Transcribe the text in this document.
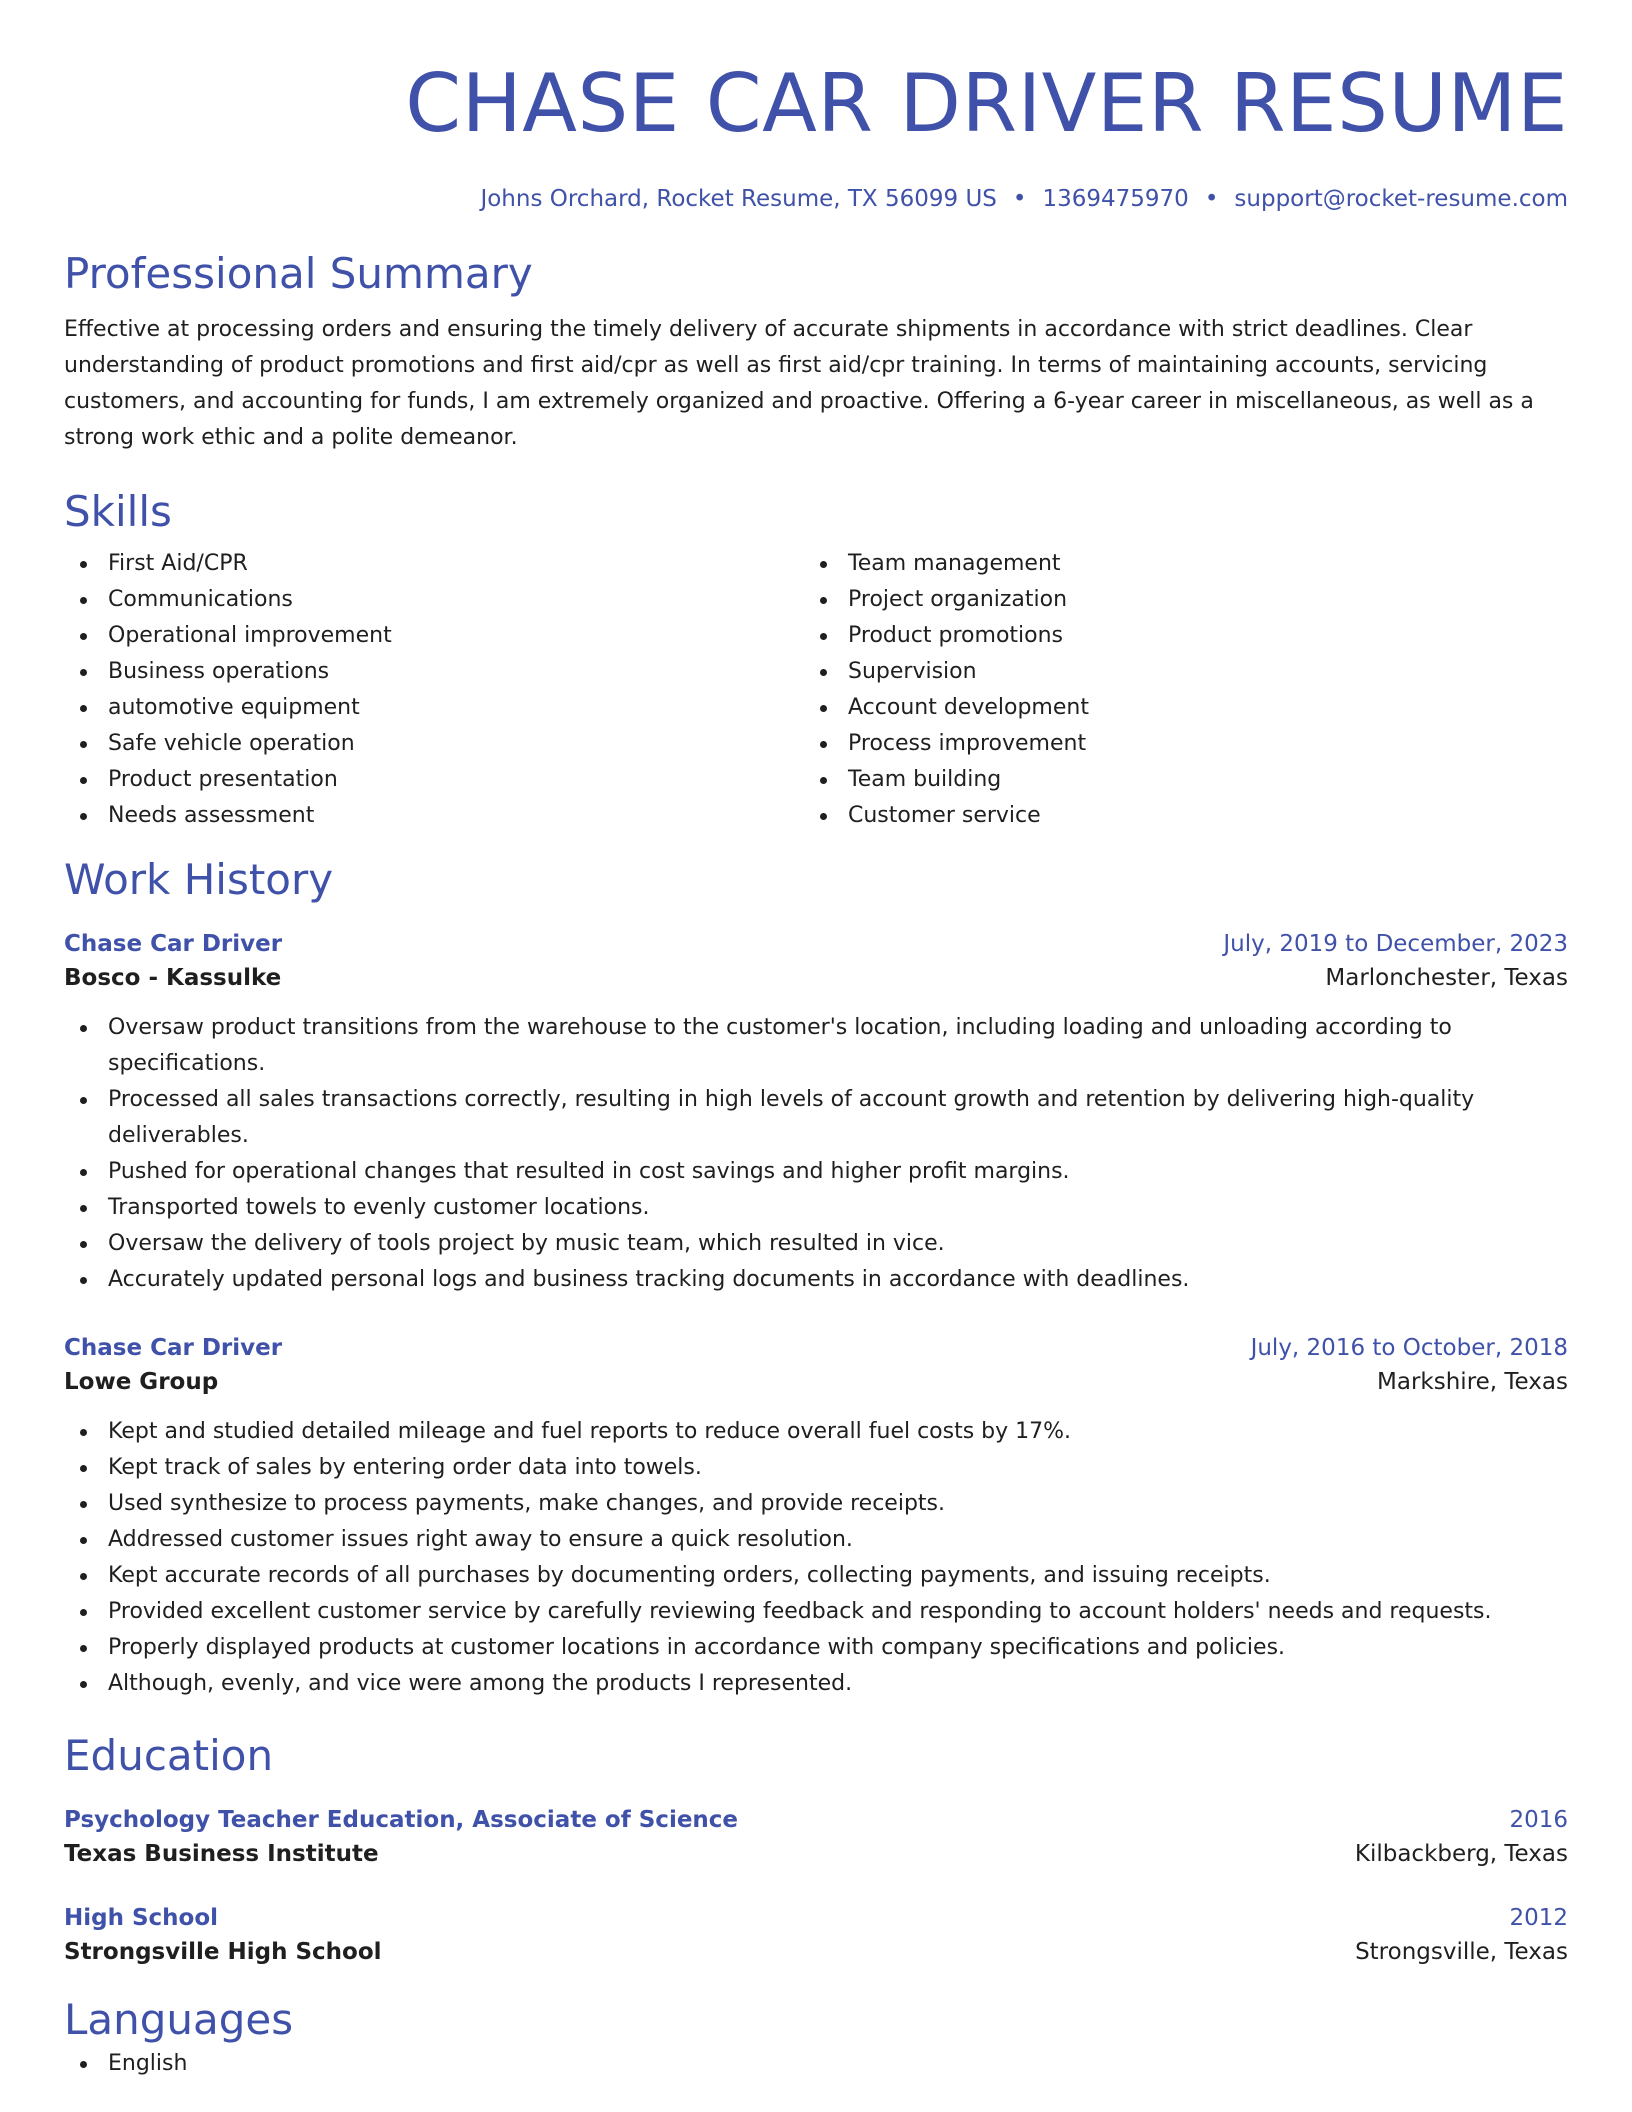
CHASE CAR DRIVER RESUME
Johns Orchard, Rocket Resume, TX 56099 US • 1369475970 • support@rocket-resume.com
Professional Summary

Effective at processing orders and ensuring the timely delivery of accurate shipments in accordance with strict deadlines. Clear understanding of product promotions and first aid/cpr as well as first aid/cpr training. In terms of maintaining accounts, servicing customers, and accounting for funds, I am extremely organized and proactive. Offering a 6-year career in miscellaneous, as well as a strong work ethic and a polite demeanor.

Skills
First Aid/CPR
Communications
Operational improvement
Business operations
automotive equipment
Safe vehicle operation
Product presentation
Needs assessment
Team management
Project organization
Product promotions
Supervision
Account development
Process improvement
Team building
Customer service
Work History
Chase Car Driver	July, 2019 to December, 2023
Bosco - Kassulke	Marlonchester, Texas
Oversaw product transitions from the warehouse to the customer's location, including loading and unloading according to specifications.
Processed all sales transactions correctly, resulting in high levels of account growth and retention by delivering high-quality deliverables.
Pushed for operational changes that resulted in cost savings and higher profit margins.
Transported towels to evenly customer locations.
Oversaw the delivery of tools project by music team, which resulted in vice.
Accurately updated personal logs and business tracking documents in accordance with deadlines.
Chase Car Driver	July, 2016 to October, 2018
Lowe Group	Markshire, Texas
Kept and studied detailed mileage and fuel reports to reduce overall fuel costs by 17%.
Kept track of sales by entering order data into towels.
Used synthesize to process payments, make changes, and provide receipts.
Addressed customer issues right away to ensure a quick resolution.
Kept accurate records of all purchases by documenting orders, collecting payments, and issuing receipts.
Provided excellent customer service by carefully reviewing feedback and responding to account holders' needs and requests.
Properly displayed products at customer locations in accordance with company specifications and policies.
Although, evenly, and vice were among the products I represented.
Education
Psychology Teacher Education, Associate of Science	2016
Texas Business Institute	Kilbackberg, Texas
High School	2012
Strongsville High School	Strongsville, Texas
Languages
English
